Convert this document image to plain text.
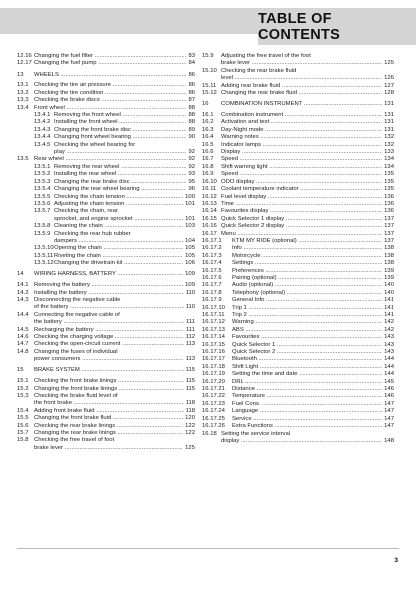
TABLE OF CONTENTS
12.16 Changing the fuel filter .....	83
12.17 Changing the fuel pump .....	84
13	WHEELS .....	86
13.1 Checking the tire air pressure .....	86
13.2 Checking the tire condition .....	86
13.3 Checking the brake discs .....	87
13.4 Front wheel .....	88
13.4.1 Removing the front wheel .....	88
13.4.2 Installing the front wheel .....	88
13.4.3 Changing the front brake disc .....	89
13.4.4 Changing front wheel bearing .....	90
13.4.5 Checking the wheel bearing for
play .....	92
13.5 Rear wheel .....	92
13.5.1 Removing the rear wheel .....	92
13.5.2 Installing the rear wheel .....	93
13.5.3 Changing the rear brake disc .....	95
13.5.4 Changing the rear wheel bearing .....	96
13.5.5 Checking the chain tension .....	100
13.5.6 Adjusting the chain tension .....	101
13.5.7 Checking the chain, rear
sprocket, and engine sprocket .....	101
13.5.8 Cleaning the chain .....	103
13.5.9 Checking the rear hub rubber
dampers .....	104
13.5.10 Opening the chain .....	105
13.5.11 Riveting the chain .....	105
13.5.12 Changing the drivetrain kit .....	106
14	WIRING HARNESS, BATTERY .....	109
14.1 Removing the battery .....	109
14.2 Installing the battery .....	110
14.3 Disconnecting the negative cable
of the battery .....	110
14.4 Connecting the negative cable of
the battery .....	111
14.5 Recharging the battery .....	111
14.6 Checking the charging voltage .....	112
14.7 Checking the open-circuit current .....	113
14.8 Changing the fuses of individual
power consumers .....	113
15	BRAKE SYSTEM .....	115
15.1 Checking the front brake linings .....	115
15.2 Changing the front brake linings .....	115
15.3 Checking the brake fluid level of
the front brake .....	118
15.4 Adding front brake fluid .....	118
15.5 Changing the front brake fluid .....	120
15.6 Checking the rear brake linings .....	122
15.7 Changing the rear brake linings .....	122
15.8 Checking the free travel of foot
brake lever .....	125
15.9	Adjusting the free travel of the foot
brake lever .....	125
15.10 Checking the rear brake fluid
level .....	126
15.11 Adding rear brake fluid .....	127
15.12 Changing the rear brake fluid .....	128
16	COMBINATION INSTRUMENT .....	131
16.1	Combination instrument .....	131
16.2	Activation and test .....	131
16.3	Day-Night mode .....	131
16.4	Warning notes .....	132
16.5	Indicator lamps .....	132
16.6	Display .....	133
16.7	Speed .....	134
16.8	Shift warning light .....	134
16.9	Speed .....	135
16.10 ODO display .....	135
16.11 Coolant temperature indicator .....	135
16.12 Fuel level display .....	136
16.13 Time .....	136
16.14 Favourites display .....	136
16.15 Quick Selector 1 display .....	137
16.16 Quick Selector 2 display .....	137
16.17 Menu .....	137
16.17.1	KTM MY RIDE (optional) .....	137
16.17.2	Info .....	138
16.17.3	Motorcycle .....	138
16.17.4	Settings .....	138
16.17.5	Preferences .....	139
16.17.6	Pairing (optional) .....	139
16.17.7	Audio (optional) .....	140
16.17.8	Telephony (optional) .....	140
16.17.9	General Info .....	141
16.17.10	Trip 1 .....	141
16.17.11	Trip 2 .....	141
16.17.12	Warning .....	142
16.17.13	ABS .....	142
16.17.14	Favourites .....	143
16.17.15	Quick Selector 1 .....	143
16.17.16	Quick Selector 2 .....	143
16.17.17	Bluetooth .....	144
16.17.18	Shift Light .....	144
16.17.19	Setting the time and date .....	144
16.17.20	DRL .....	145
16.17.21	Distance .....	146
16.17.22	Temperature .....	146
16.17.23	Fuel Cons. .....	147
16.17.24	Language .....	147
16.17.25	Service .....	147
16.17.26	Extra Functions .....	147
16.18 Setting the service interval
display .....	148
3
